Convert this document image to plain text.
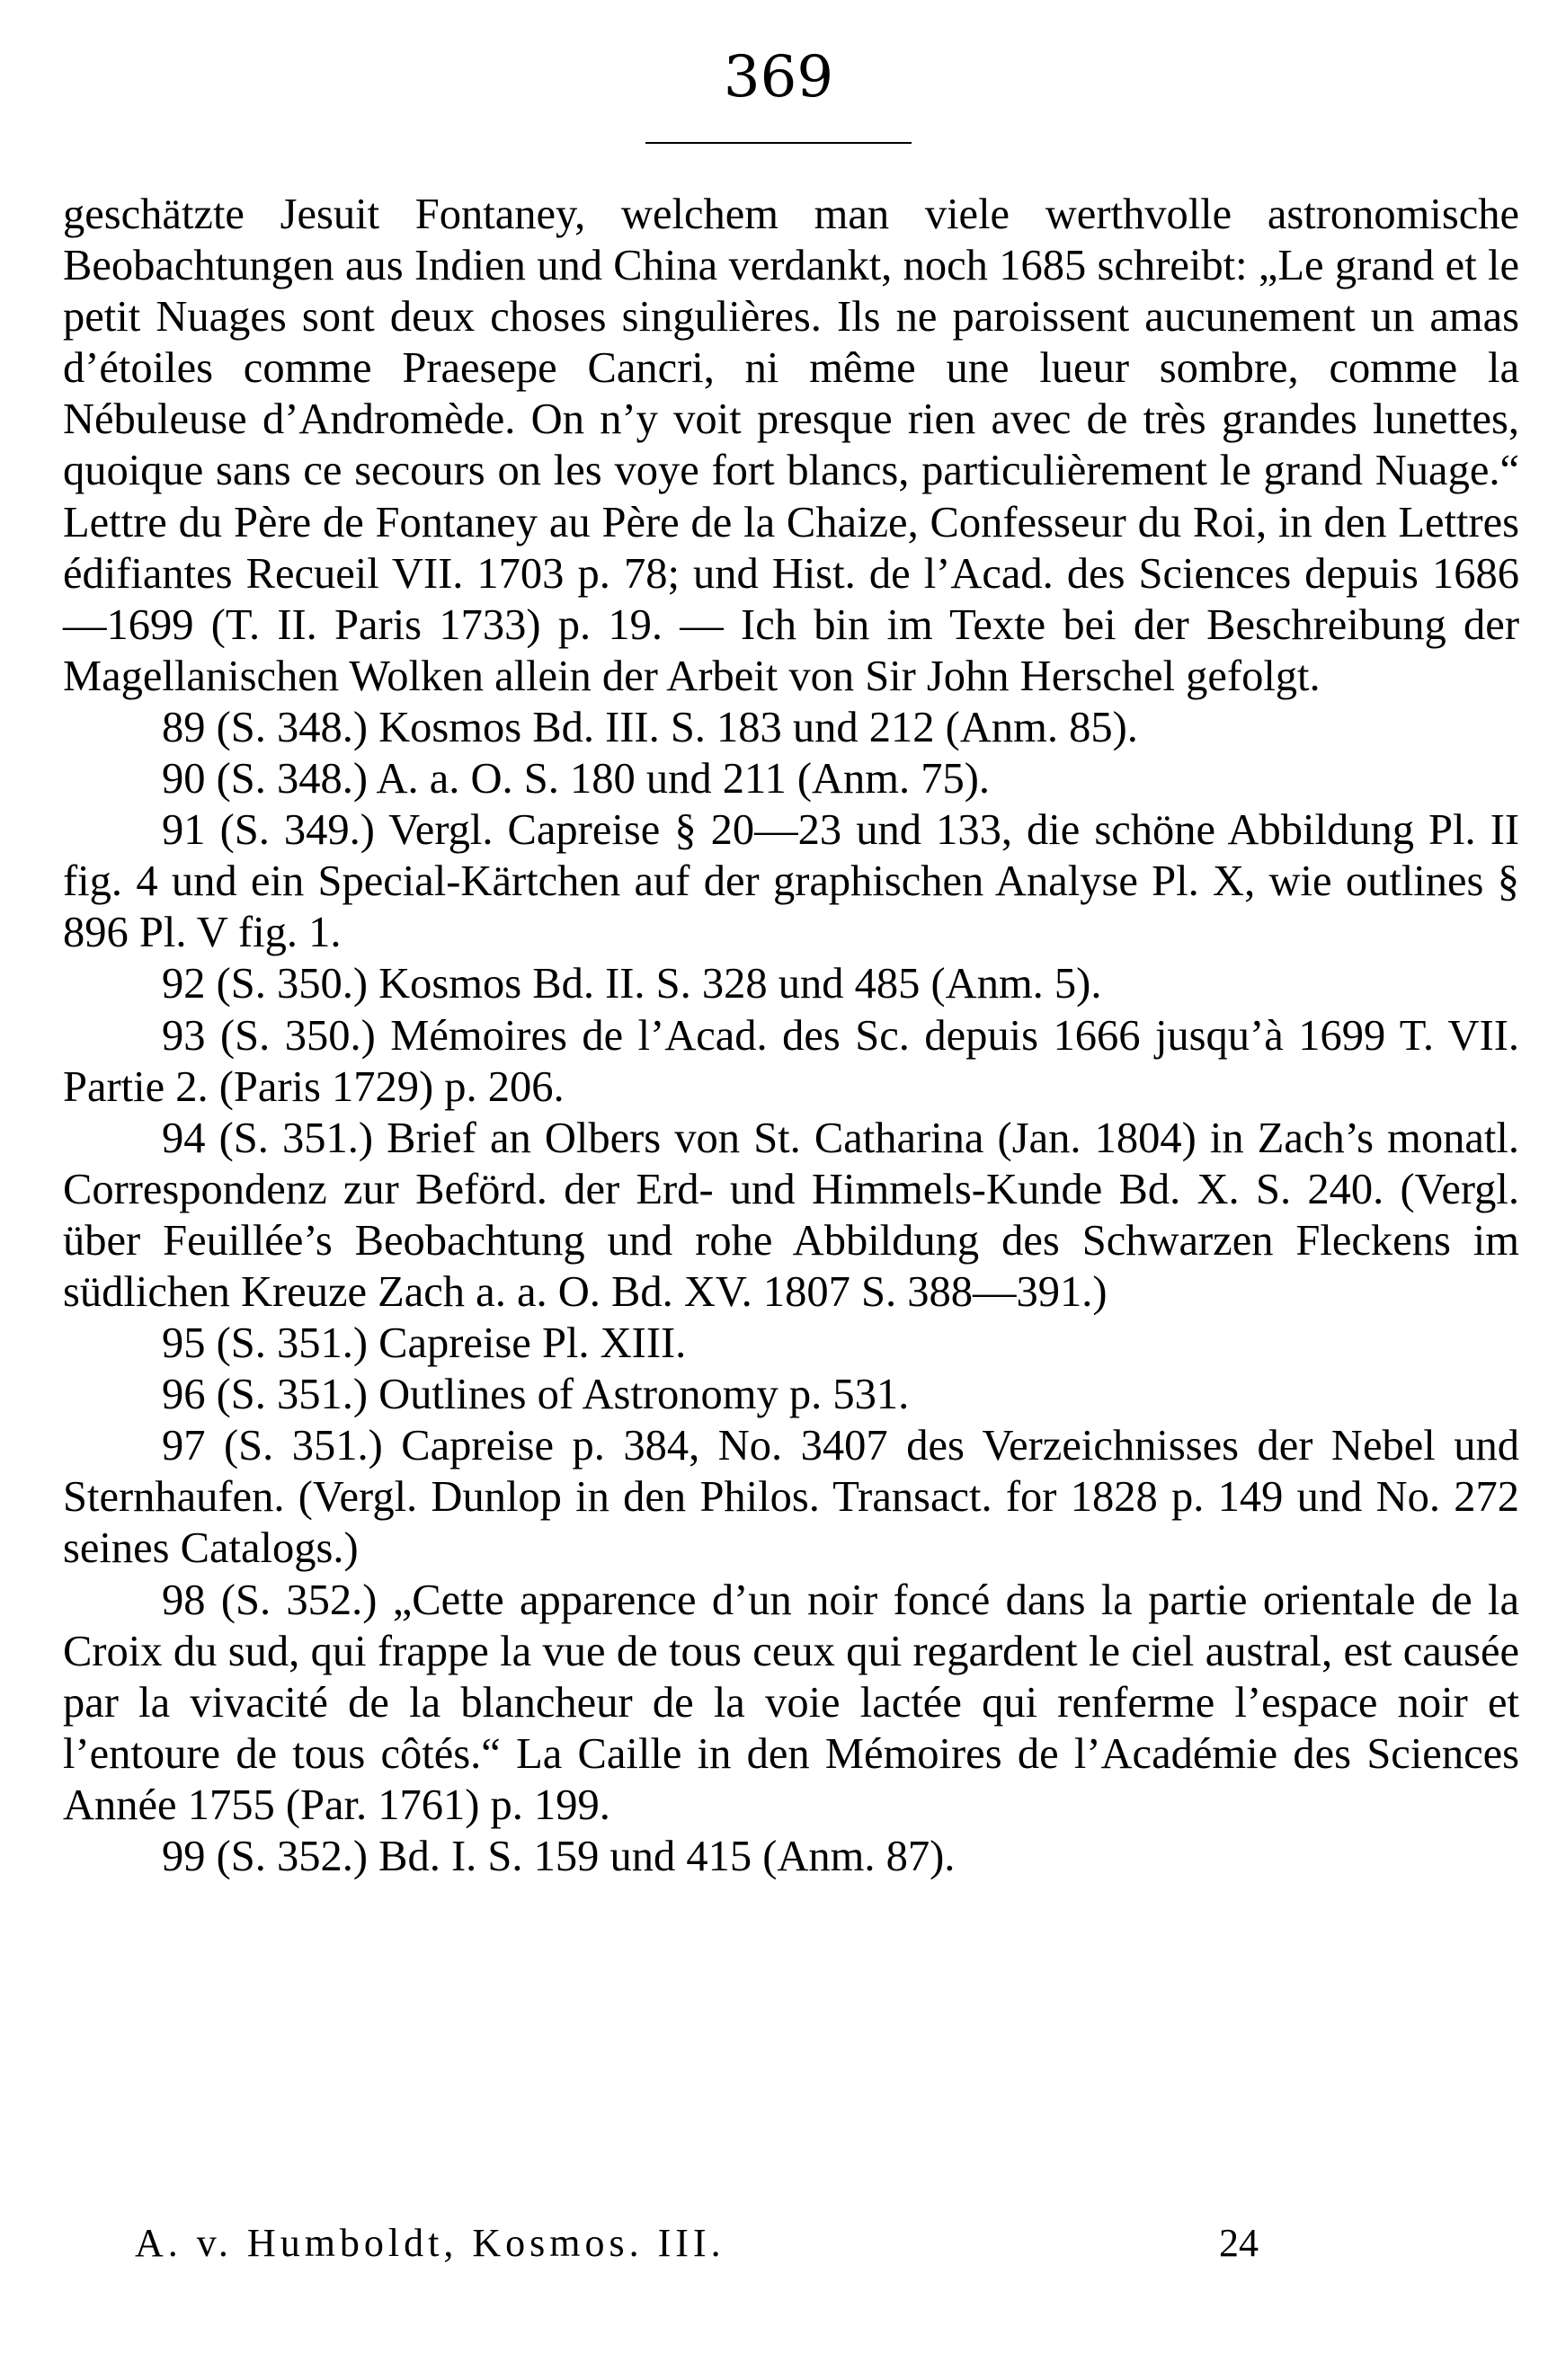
369

geschätzte Jesuit Fontaney, welchem man viele werthvolle astronomische Beobachtungen aus Indien und China verdankt, noch 1685 schreibt: „Le grand et le petit Nuages sont deux choses singulières. Ils ne paroissent aucunement un amas d’étoiles comme Praesepe Cancri, ni même une lueur sombre, comme la Nébuleuse d’Andromède. On n’y voit presque rien avec de très grandes lunettes, quoique sans ce secours on les voye fort blancs, particulièrement le grand Nuage.“ Lettre du Père de Fontaney au Père de la Chaize, Confesseur du Roi, in den Lettres édifiantes Recueil VII. 1703 p. 78; und Hist. de l’Acad. des Sciences depuis 1686—1699 (T. II. Paris 1733) p. 19. — Ich bin im Texte bei der Beschreibung der Magellanischen Wolken allein der Arbeit von Sir John Herschel gefolgt.

89 (S. 348.) Kosmos Bd. III. S. 183 und 212 (Anm. 85).

90 (S. 348.) A. a. O. S. 180 und 211 (Anm. 75).

91 (S. 349.) Vergl. Capreise § 20—23 und 133, die schöne Abbildung Pl. II fig. 4 und ein Special-Kärtchen auf der graphischen Analyse Pl. X, wie outlines § 896 Pl. V fig. 1.

92 (S. 350.) Kosmos Bd. II. S. 328 und 485 (Anm. 5).

93 (S. 350.) Mémoires de l’Acad. des Sc. depuis 1666 jusqu’à 1699 T. VII. Partie 2. (Paris 1729) p. 206.

94 (S. 351.) Brief an Olbers von St. Catharina (Jan. 1804) in Zach’s monatl. Correspondenz zur Beförd. der Erd- und Himmels-Kunde Bd. X. S. 240. (Vergl. über Feuillée’s Beobachtung und rohe Abbildung des Schwarzen Fleckens im südlichen Kreuze Zach a. a. O. Bd. XV. 1807 S. 388—391.)

95 (S. 351.) Capreise Pl. XIII.

96 (S. 351.) Outlines of Astronomy p. 531.

97 (S. 351.) Capreise p. 384, No. 3407 des Verzeichnisses der Nebel und Sternhaufen. (Vergl. Dunlop in den Philos. Transact. for 1828 p. 149 und No. 272 seines Catalogs.)

98 (S. 352.) „Cette apparence d’un noir foncé dans la partie orientale de la Croix du sud, qui frappe la vue de tous ceux qui regardent le ciel austral, est causée par la vivacité de la blancheur de la voie lactée qui renferme l’espace noir et l’entoure de tous côtés.“ La Caille in den Mémoires de l’Académie des Sciences Année 1755 (Par. 1761) p. 199.

99 (S. 352.) Bd. I. S. 159 und 415 (Anm. 87).

A. v. Humboldt, Kosmos. III.	24
